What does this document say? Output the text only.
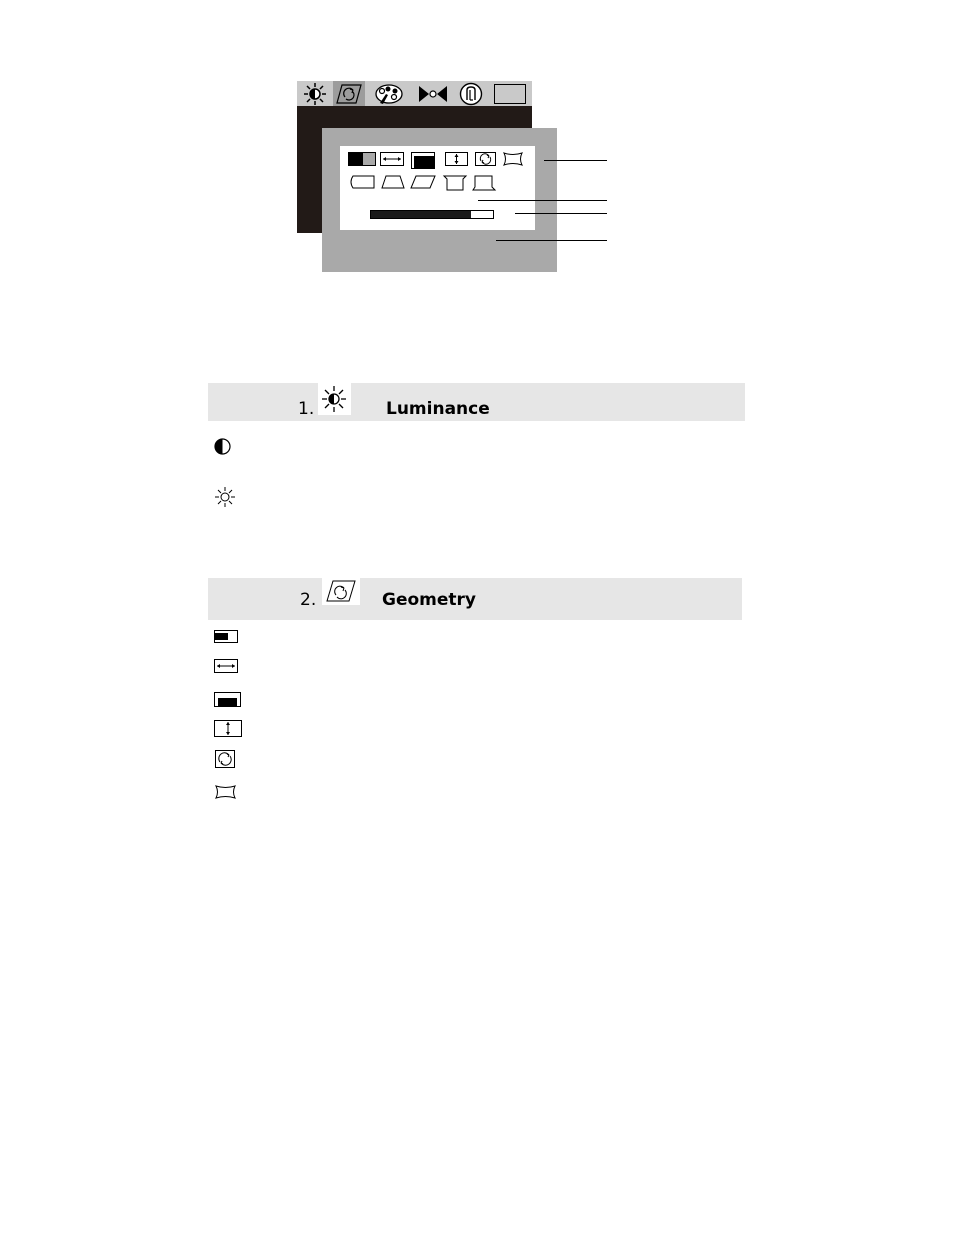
1.	Luminance
2.	Geometry
